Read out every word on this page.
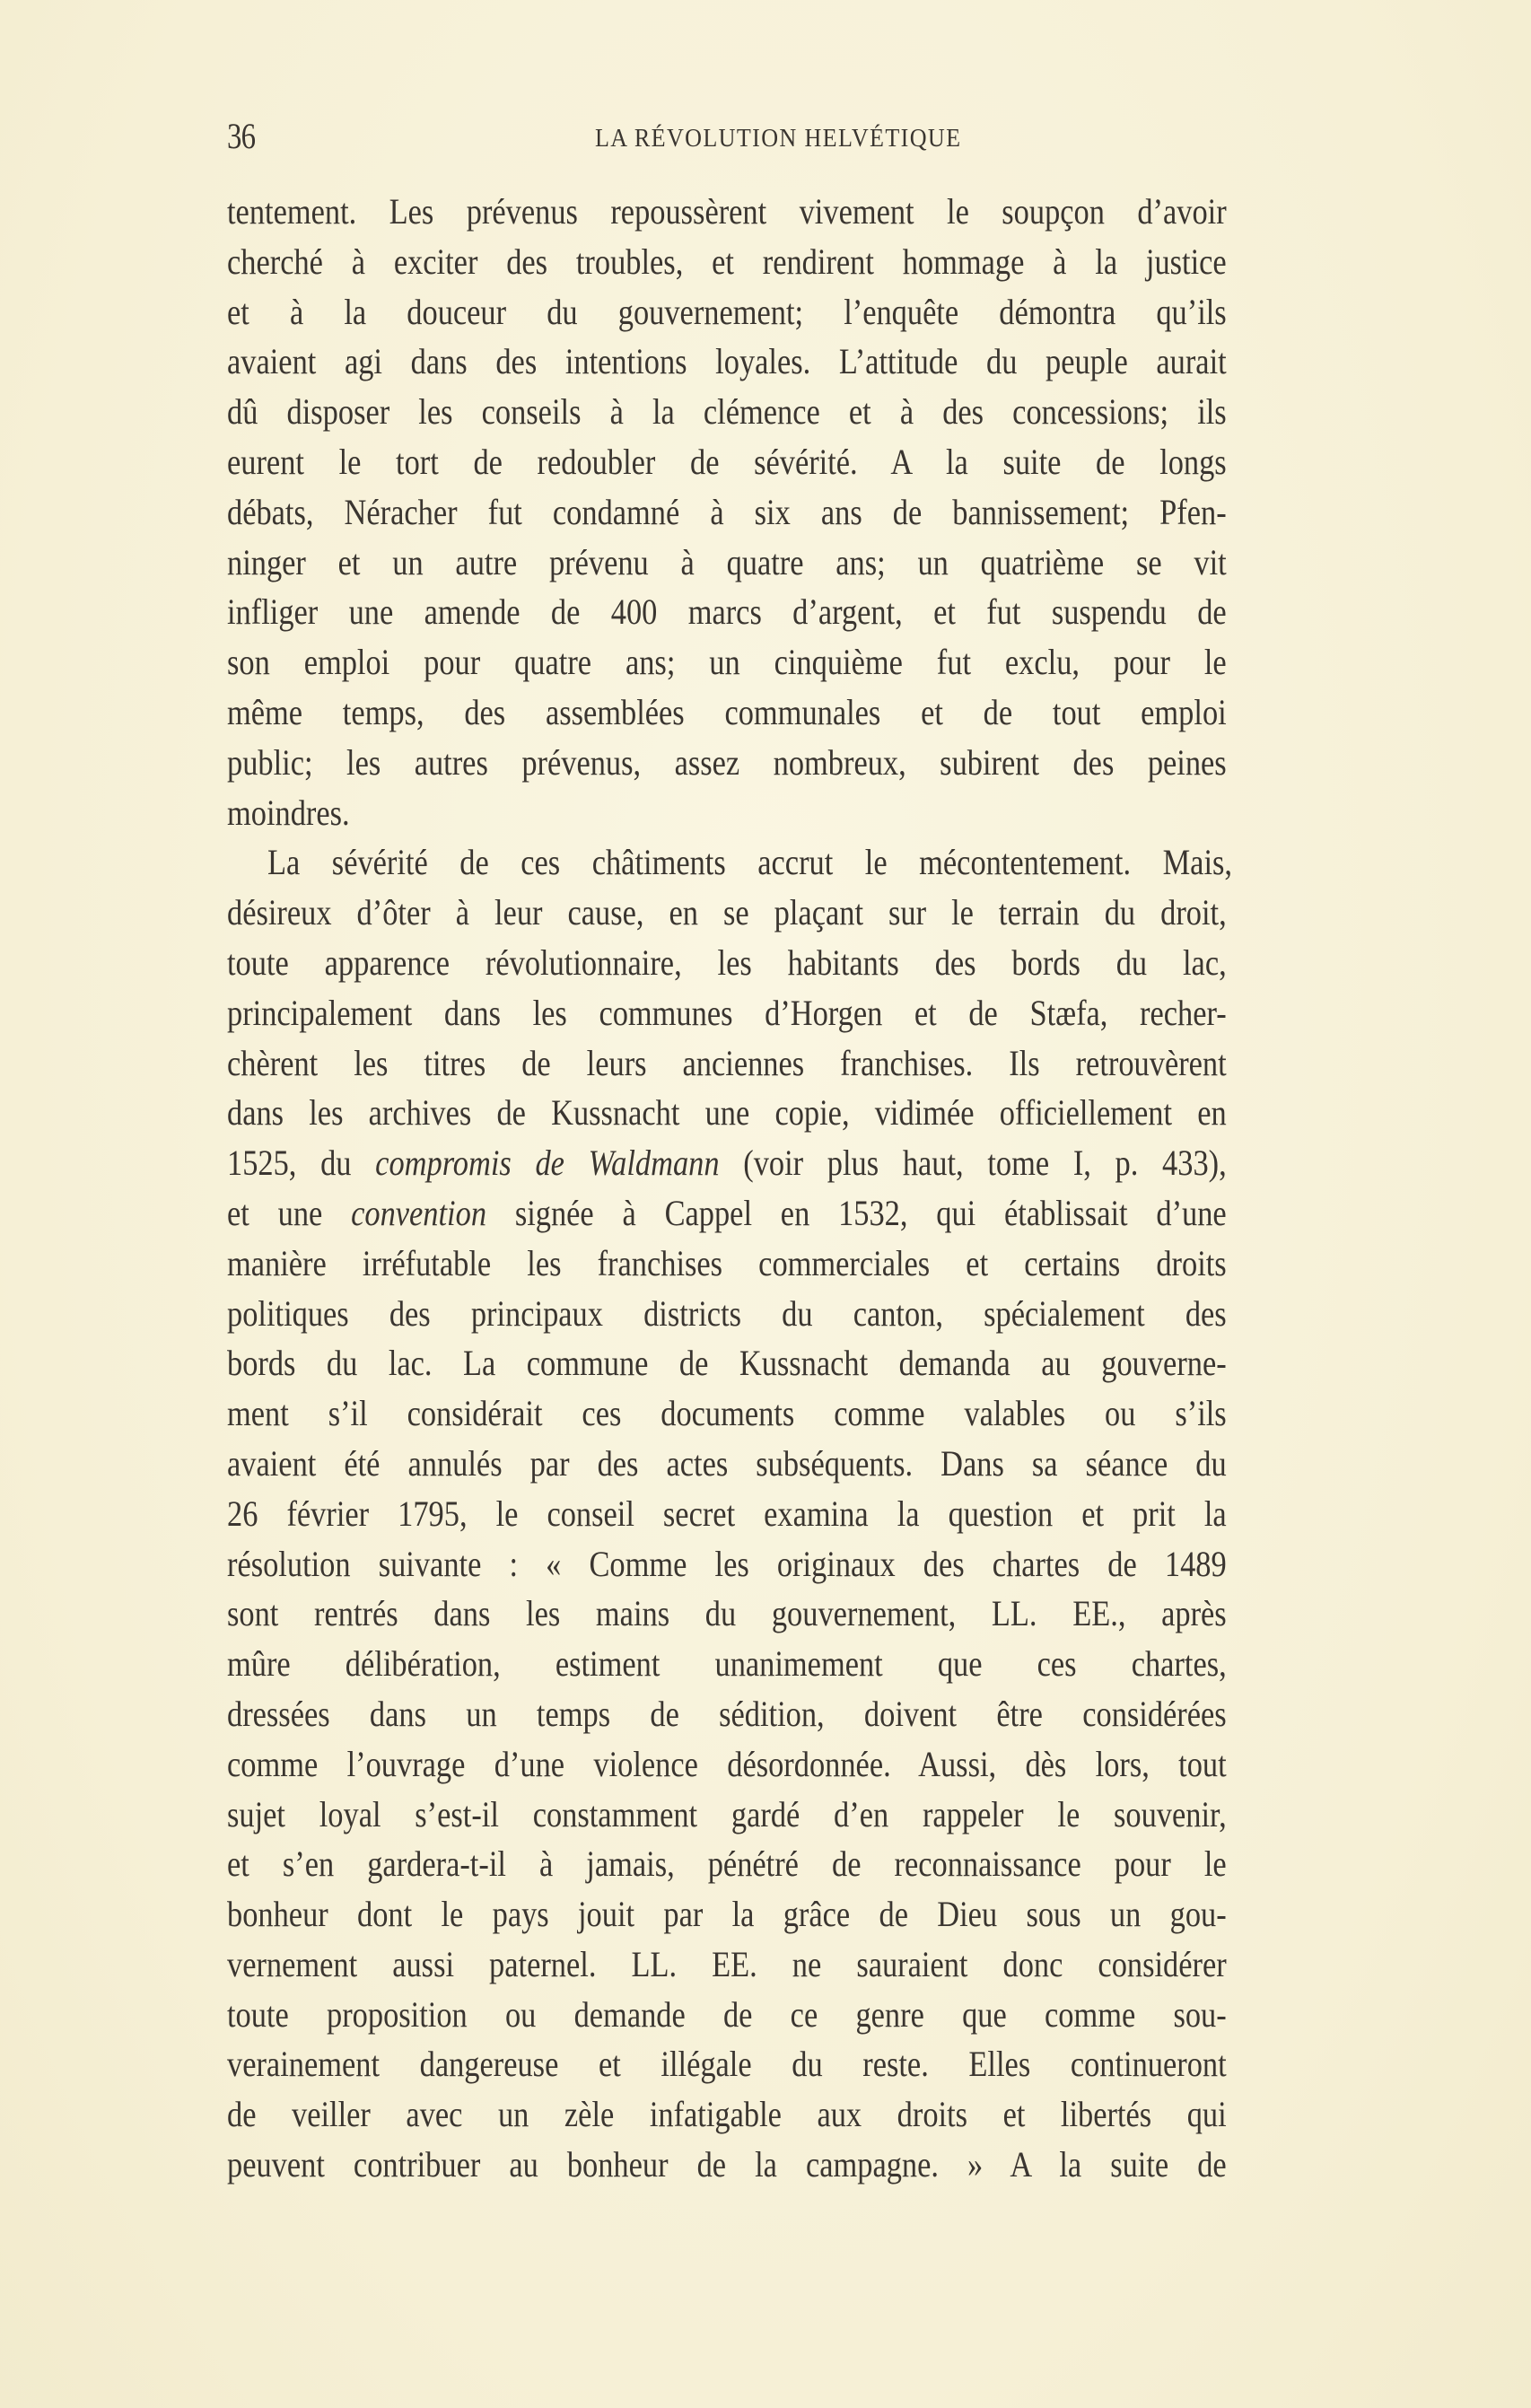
36	LA RÉVOLUTION HELVÉTIQUE
tentement. Les prévenus repoussèrent vivement le soupçon d’avoir
cherché à exciter des troubles, et rendirent hommage à la justice
et à la douceur du gouvernement; l’enquête démontra qu’ils
avaient agi dans des intentions loyales. L’attitude du peuple aurait
dû disposer les conseils à la clémence et à des concessions; ils
eurent le tort de redoubler de sévérité. A la suite de longs
débats, Néracher fut condamné à six ans de bannissement; Pfen-
ninger et un autre prévenu à quatre ans; un quatrième se vit
infliger une amende de 400 marcs d’argent, et fut suspendu de
son emploi pour quatre ans; un cinquième fut exclu, pour le
même temps, des assemblées communales et de tout emploi
public; les autres prévenus, assez nombreux, subirent des peines
moindres.
La sévérité de ces châtiments accrut le mécontentement. Mais,
désireux d’ôter à leur cause, en se plaçant sur le terrain du droit,
toute apparence révolutionnaire, les habitants des bords du lac,
principalement dans les communes d’Horgen et de Stæfa, recher-
chèrent les titres de leurs anciennes franchises. Ils retrouvèrent
dans les archives de Kussnacht une copie, vidimée officiellement en
1525, du compromis de Waldmann (voir plus haut, tome I, p. 433),
et une convention signée à Cappel en 1532, qui établissait d’une
manière irréfutable les franchises commerciales et certains droits
politiques des principaux districts du canton, spécialement des
bords du lac. La commune de Kussnacht demanda au gouverne-
ment s’il considérait ces documents comme valables ou s’ils
avaient été annulés par des actes subséquents. Dans sa séance du
26 février 1795, le conseil secret examina la question et prit la
résolution suivante : « Comme les originaux des chartes de 1489
sont rentrés dans les mains du gouvernement, LL. EE., après
mûre délibération, estiment unanimement que ces chartes,
dressées dans un temps de sédition, doivent être considérées
comme l’ouvrage d’une violence désordonnée. Aussi, dès lors, tout
sujet loyal s’est-il constamment gardé d’en rappeler le souvenir,
et s’en gardera-t-il à jamais, pénétré de reconnaissance pour le
bonheur dont le pays jouit par la grâce de Dieu sous un gou-
vernement aussi paternel. LL. EE. ne sauraient donc considérer
toute proposition ou demande de ce genre que comme sou-
verainement dangereuse et illégale du reste. Elles continueront
de veiller avec un zèle infatigable aux droits et libertés qui
peuvent contribuer au bonheur de la campagne. » A la suite de
